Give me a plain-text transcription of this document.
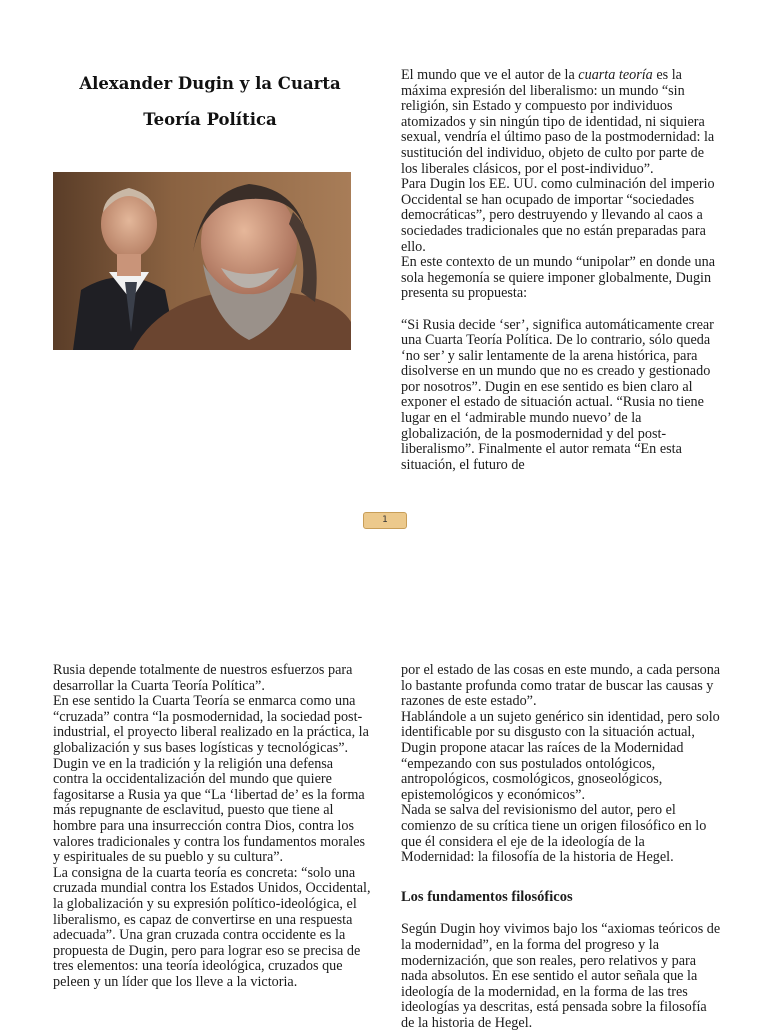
Alexander Dugin y la Cuarta Teoría Política

El mundo que ve el autor de la cuarta teoría es la máxima expresión del liberalismo: un mundo “sin religión, sin Estado y compuesto por individuos atomizados y sin ningún tipo de identidad, ni siquiera sexual, vendría el último paso de la postmodernidad: la sustitución del individuo, objeto de culto por parte de los liberales clásicos, por el post-individuo”.

Para Dugin los EE. UU. como culminación del imperio Occidental se han ocupado de importar “sociedades democráticas”, pero destruyendo y llevando al caos a sociedades tradicionales que no están preparadas para ello.

En este contexto de un mundo “unipolar” en donde una sola hegemonía se quiere imponer globalmente, Dugin presenta su propuesta:

“Si Rusia decide ‘ser’, significa automáticamente crear una Cuarta Teoría Política. De lo contrario, sólo queda ‘no ser’ y salir lentamente de la arena histórica, para disolverse en un mundo que no es creado y gestionado por nosotros”. Dugin en ese sentido es bien claro al exponer el estado de situación actual. “Rusia no tiene lugar en el ‘admirable mundo nuevo’ de la globalización, de la posmodernidad y del post-liberalismo”. Finalmente el autor remata “En esta situación, el futuro de

1

Rusia depende totalmente de nuestros esfuerzos para desarrollar la Cuarta Teoría Política”.

En ese sentido la Cuarta Teoría se enmarca como una “cruzada” contra “la posmodernidad, la sociedad post-industrial, el proyecto liberal realizado en la práctica, la globalización y sus bases logísticas y tecnológicas”. Dugin ve en la tradición y la religión una defensa contra la occidentalización del mundo que quiere fagositarse a Rusia ya que “La ‘libertad de’ es la forma más repugnante de esclavitud, puesto que tiene al hombre para una insurrección contra Dios, contra los valores tradicionales y contra los fundamentos morales y espirituales de su pueblo y su cultura”.

La consigna de la cuarta teoría es concreta: “solo una cruzada mundial contra los Estados Unidos, Occidental, la globalización y su expresión político-ideológica, el liberalismo, es capaz de convertirse en una respuesta adecuada”. Una gran cruzada contra occidente es la propuesta de Dugin, pero para lograr eso se precisa de tres elementos: una teoría ideológica, cruzados que peleen y un líder que los lleve a la victoria.

por el estado de las cosas en este mundo, a cada persona lo bastante profunda como tratar de buscar las causas y razones de este estado”.

Hablándole a un sujeto genérico sin identidad, pero solo identificable por su disgusto con la situación actual, Dugin propone atacar las raíces de la Modernidad “empezando con sus postulados ontológicos, antropológicos, cosmológicos, gnoseológicos, epistemológicos y económicos”.

Nada se salva del revisionismo del autor, pero el comienzo de su crítica tiene un origen filosófico en lo que él considera el eje de la ideología de la Modernidad: la filosofía de la historia de Hegel.

Los fundamentos filosóficos

Según Dugin hoy vivimos bajo los “axiomas teóricos de la modernidad”, en la forma del progreso y la modernización, que son reales, pero relativos y para nada absolutos. En ese sentido el autor señala que la ideología de la modernidad, en la forma de las tres ideologías ya descritas, está pensada sobre la filosofía de la historia de Hegel.
